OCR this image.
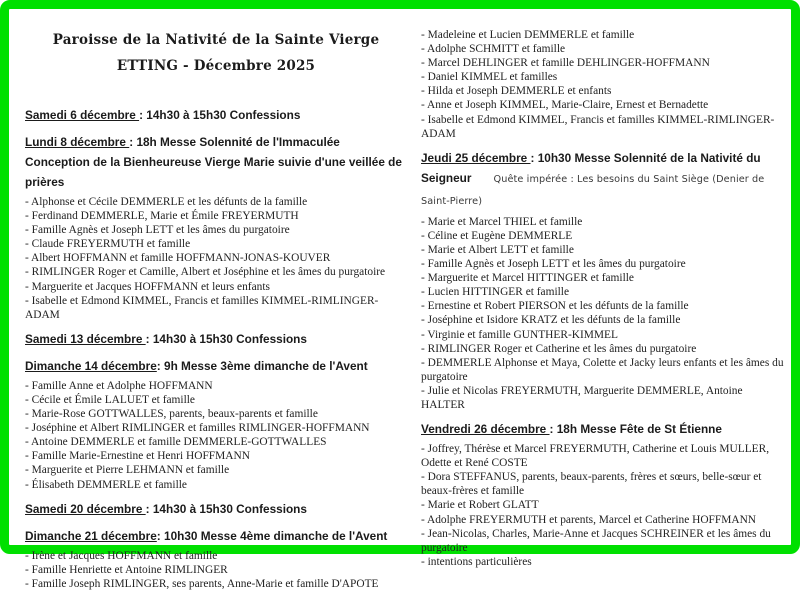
Paroisse de la Nativité de la Sainte Vierge
ETTING - Décembre 2025

Samedi 6 décembre : 14h30 à 15h30 Confessions

Lundi 8 décembre : 18h Messe Solennité de l'Immaculée Conception de la Bienheureuse Vierge Marie suivie d'une veillée de prières

- Alphonse et Cécile DEMMERLE et les défunts de la famille
- Ferdinand DEMMERLE, Marie et Émile FREYERMUTH
- Famille Agnès et Joseph LETT et les âmes du purgatoire
- Claude FREYERMUTH et famille
- Albert HOFFMANN et famille HOFFMANN-JONAS-KOUVER
- RIMLINGER Roger et Camille, Albert et Joséphine et les âmes du purgatoire
- Marguerite et Jacques HOFFMANN et leurs enfants
- Isabelle et Edmond KIMMEL, Francis et familles KIMMEL-RIMLINGER-ADAM

Samedi 13 décembre : 14h30 à 15h30 Confessions

Dimanche 14 décembre: 9h Messe 3ème dimanche de l'Avent

- Famille Anne et Adolphe HOFFMANN
- Cécile et Émile LALUET et famille
- Marie-Rose GOTTWALLES, parents, beaux-parents et famille
- Joséphine et Albert RIMLINGER et familles RIMLINGER-HOFFMANN
- Antoine DEMMERLE et famille DEMMERLE-GOTTWALLES
- Famille Marie-Ernestine et Henri HOFFMANN
- Marguerite et Pierre LEHMANN et famille
- Élisabeth DEMMERLE et famille

Samedi 20 décembre : 14h30 à 15h30 Confessions

Dimanche 21 décembre: 10h30 Messe 4ème dimanche de l'Avent

- Irène et Jacques HOFFMANN et famille
- Famille Henriette et Antoine RIMLINGER
- Famille Joseph RIMLINGER, ses parents, Anne-Marie et famille D'APOTE
- Madeleine et Lucien DEMMERLE et famille
- Adolphe SCHMITT et famille
- Marcel DEHLINGER et famille DEHLINGER-HOFFMANN
- Daniel KIMMEL et familles
- Hilda et Joseph DEMMERLE et enfants
- Anne et Joseph KIMMEL, Marie-Claire, Ernest et Bernadette
- Isabelle et Edmond KIMMEL, Francis et familles KIMMEL-RIMLINGER-ADAM

Jeudi 25 décembre : 10h30 Messe Solennité de la Nativité du Seigneur Quête impérée : Les besoins du Saint Siège (Denier de Saint-Pierre)

- Marie et Marcel THIEL et famille
- Céline et Eugène DEMMERLE
- Marie et Albert LETT et famille
- Famille Agnès et Joseph LETT et les âmes du purgatoire
- Marguerite et Marcel HITTINGER et famille
- Lucien HITTINGER et famille
- Ernestine et Robert PIERSON et les défunts de la famille
- Joséphine et Isidore KRATZ et les défunts de la famille
- Virginie et famille GUNTHER-KIMMEL
- RIMLINGER Roger et Catherine et les âmes du purgatoire
- DEMMERLE Alphonse et Maya, Colette et Jacky leurs enfants et les âmes du purgatoire
- Julie et Nicolas FREYERMUTH, Marguerite DEMMERLE, Antoine HALTER

Vendredi 26 décembre : 18h Messe Fête de St Étienne

- Joffrey, Thérèse et Marcel FREYERMUTH, Catherine et Louis MULLER, Odette et René COSTE
- Dora STEFFANUS, parents, beaux-parents, frères et sœurs, belle-sœur et beaux-frères et famille
- Marie et Robert GLATT
- Adolphe FREYERMUTH et parents, Marcel et Catherine HOFFMANN
- Jean-Nicolas, Charles, Marie-Anne et Jacques SCHREINER et les âmes du purgatoire
- intentions particulières
